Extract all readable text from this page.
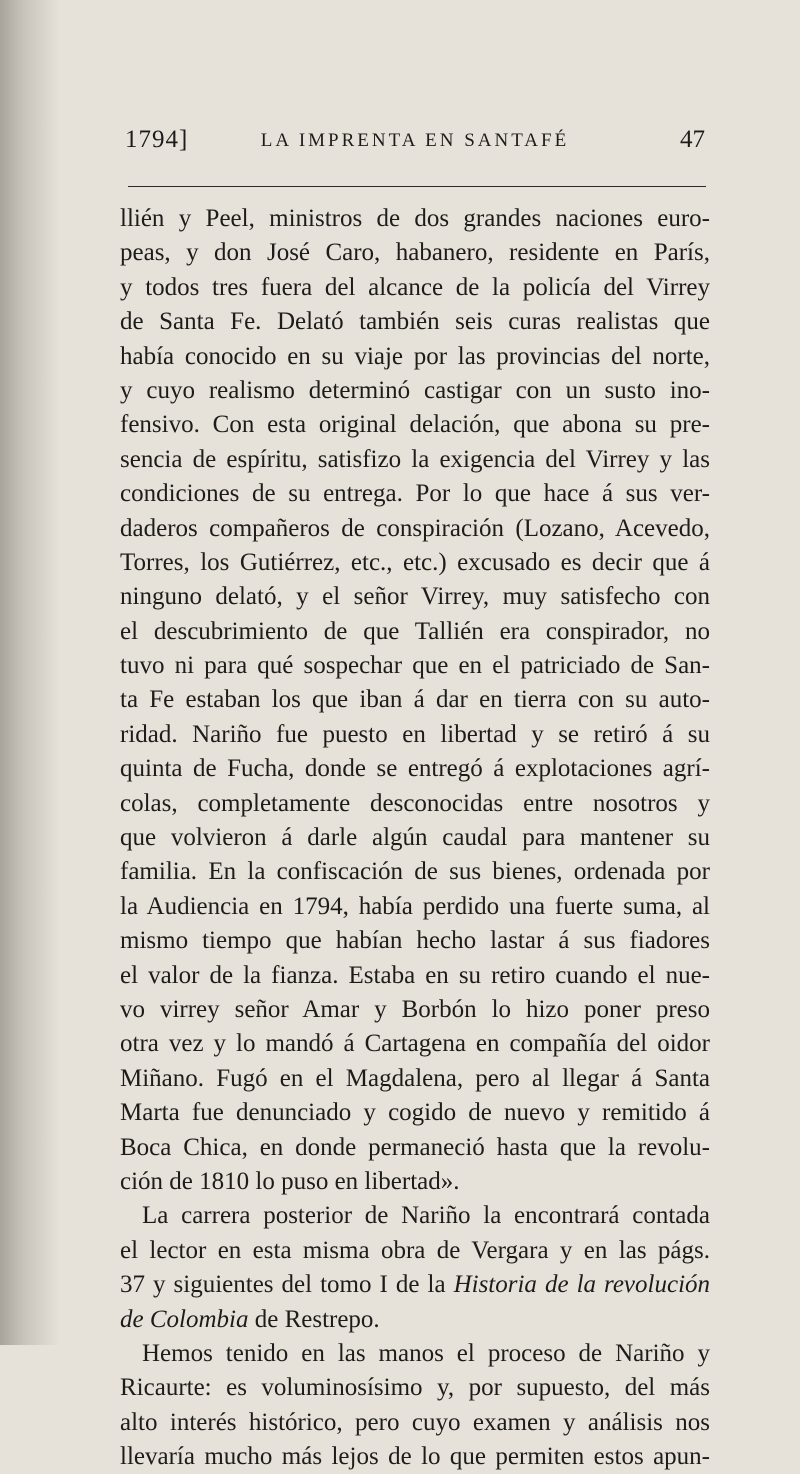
1794]	LA IMPRENTA EN SANTAFÉ	47
llién y Peel, ministros de dos grandes naciones euro-
peas, y don José Caro, habanero, residente en París,
y todos tres fuera del alcance de la policía del Virrey
de Santa Fe. Delató también seis curas realistas que
había conocido en su viaje por las provincias del norte,
y cuyo realismo determinó castigar con un susto ino-
fensivo. Con esta original delación, que abona su pre-
sencia de espíritu, satisfizo la exigencia del Virrey y las
condiciones de su entrega. Por lo que hace á sus ver-
daderos compañeros de conspiración (Lozano, Acevedo,
Torres, los Gutiérrez, etc., etc.) excusado es decir que á
ninguno delató, y el señor Virrey, muy satisfecho con
el descubrimiento de que Tallién era conspirador, no
tuvo ni para qué sospechar que en el patriciado de San-
ta Fe estaban los que iban á dar en tierra con su auto-
ridad. Nariño fue puesto en libertad y se retiró á su
quinta de Fucha, donde se entregó á explotaciones agrí-
colas, completamente desconocidas entre nosotros y
que volvieron á darle algún caudal para mantener su
familia. En la confiscación de sus bienes, ordenada por
la Audiencia en 1794, había perdido una fuerte suma, al
mismo tiempo que habían hecho lastar á sus fiadores
el valor de la fianza. Estaba en su retiro cuando el nue-
vo virrey señor Amar y Borbón lo hizo poner preso
otra vez y lo mandó á Cartagena en compañía del oidor
Miñano. Fugó en el Magdalena, pero al llegar á Santa
Marta fue denunciado y cogido de nuevo y remitido á
Boca Chica, en donde permaneció hasta que la revolu-
ción de 1810 lo puso en libertad».
La carrera posterior de Nariño la encontrará contada
el lector en esta misma obra de Vergara y en las págs.
37 y siguientes del tomo I de la Historia de la revolución
de Colombia de Restrepo.
Hemos tenido en las manos el proceso de Nariño y
Ricaurte: es voluminosísimo y, por supuesto, del más
alto interés histórico, pero cuyo examen y análisis nos
llevaría mucho más lejos de lo que permiten estos apun-
